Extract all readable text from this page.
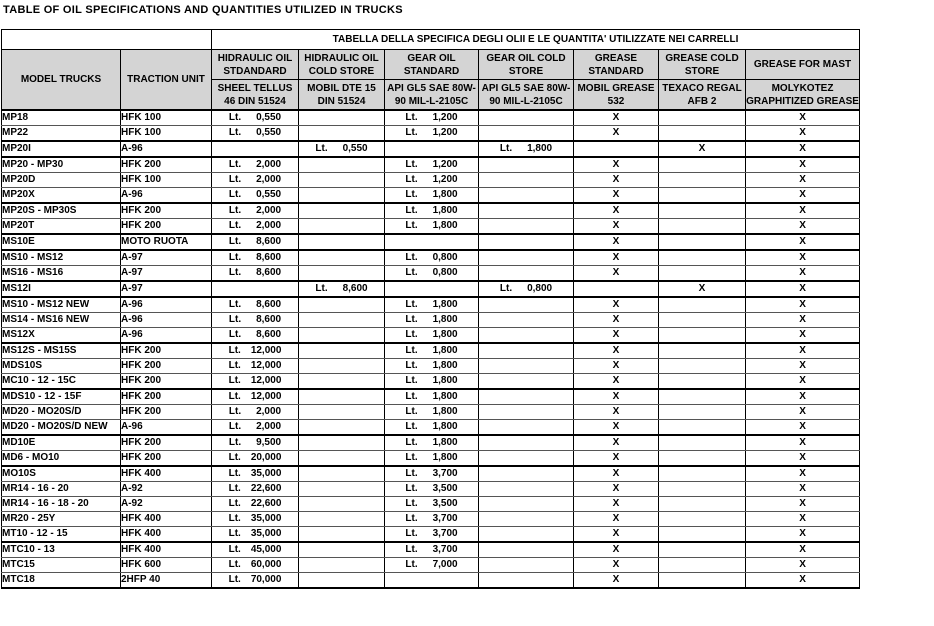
TABLE OF OIL SPECIFICATIONS AND QUANTITIES UTILIZED IN TRUCKS
		TABELLA DELLA SPECIFICA DEGLI OLII E LE QUANTITA' UTILIZZATE NEI CARRELLI						
MODEL TRUCKS	TRACTION UNIT	HIDRAULIC OIL STDANDARD	HIDRAULIC OIL COLD STORE	GEAR OIL STANDARD	GEAR OIL COLD STORE	GREASE STANDARD	GREASE COLD STORE	GREASE FOR MAST
		SHEEL TELLUS 46 DIN 51524	MOBIL DTE 15 DIN 51524	API GL5 SAE 80W-90 MIL-L-2105C	API GL5 SAE 80W-90 MIL-L-2105C	MOBIL GREASE 532	TEXACO REGAL AFB 2	MOLYKOTEZ GRAPHITIZED GREASE
MP18	HFK 100	Lt. 0,550		Lt. 1,200		X		X
MP22	HFK 100	Lt. 0,550		Lt. 1,200		X		X
MP20I	A-96		Lt. 0,550		Lt. 1,800		X	X
MP20 - MP30	HFK 200	Lt. 2,000		Lt. 1,200		X		X
MP20D	HFK 100	Lt. 2,000		Lt. 1,200		X		X
MP20X	A-96	Lt. 0,550		Lt. 1,800		X		X
MP20S - MP30S	HFK 200	Lt. 2,000		Lt. 1,800		X		X
MP20T	HFK 200	Lt. 2,000		Lt. 1,800		X		X
MS10E	MOTO RUOTA	Lt. 8,600				X		X
MS10 - MS12	A-97	Lt. 8,600		Lt. 0,800		X		X
MS16 - MS16	A-97	Lt. 8,600		Lt. 0,800		X		X
MS12I	A-97		Lt. 8,600		Lt. 0,800		X	X
MS10 - MS12 NEW	A-96	Lt. 8,600		Lt. 1,800		X		X
MS14 - MS16 NEW	A-96	Lt. 8,600		Lt. 1,800		X		X
MS12X	A-96	Lt. 8,600		Lt. 1,800		X		X
MS12S - MS15S	HFK 200	Lt. 12,000		Lt. 1,800		X		X
MDS10S	HFK 200	Lt. 12,000		Lt. 1,800		X		X
MC10 - 12 - 15C	HFK 200	Lt. 12,000		Lt. 1,800		X		X
MDS10 - 12 - 15F	HFK 200	Lt. 12,000		Lt. 1,800		X		X
MD20 - MO20S/D	HFK 200	Lt. 2,000		Lt. 1,800		X		X
MD20 - MO20S/D NEW	A-96	Lt. 2,000		Lt. 1,800		X		X
MD10E	HFK 200	Lt. 9,500		Lt. 1,800		X		X
MD6 - MO10	HFK 200	Lt. 20,000		Lt. 1,800		X		X
MO10S	HFK 400	Lt. 35,000		Lt. 3,700		X		X
MR14 - 16 - 20	A-92	Lt. 22,600		Lt. 3,500		X		X
MR14 - 16 - 18 - 20	A-92	Lt. 22,600		Lt. 3,500		X		X
MR20 - 25Y	HFK 400	Lt. 35,000		Lt. 3,700		X		X
MT10 - 12 - 15	HFK 400	Lt. 35,000		Lt. 3,700		X		X
MTC10 - 13	HFK 400	Lt. 45,000		Lt. 3,700		X		X
MTC15	HFK 600	Lt. 60,000		Lt. 7,000		X		X
MTC18	2HFP 40	Lt. 70,000				X		X
